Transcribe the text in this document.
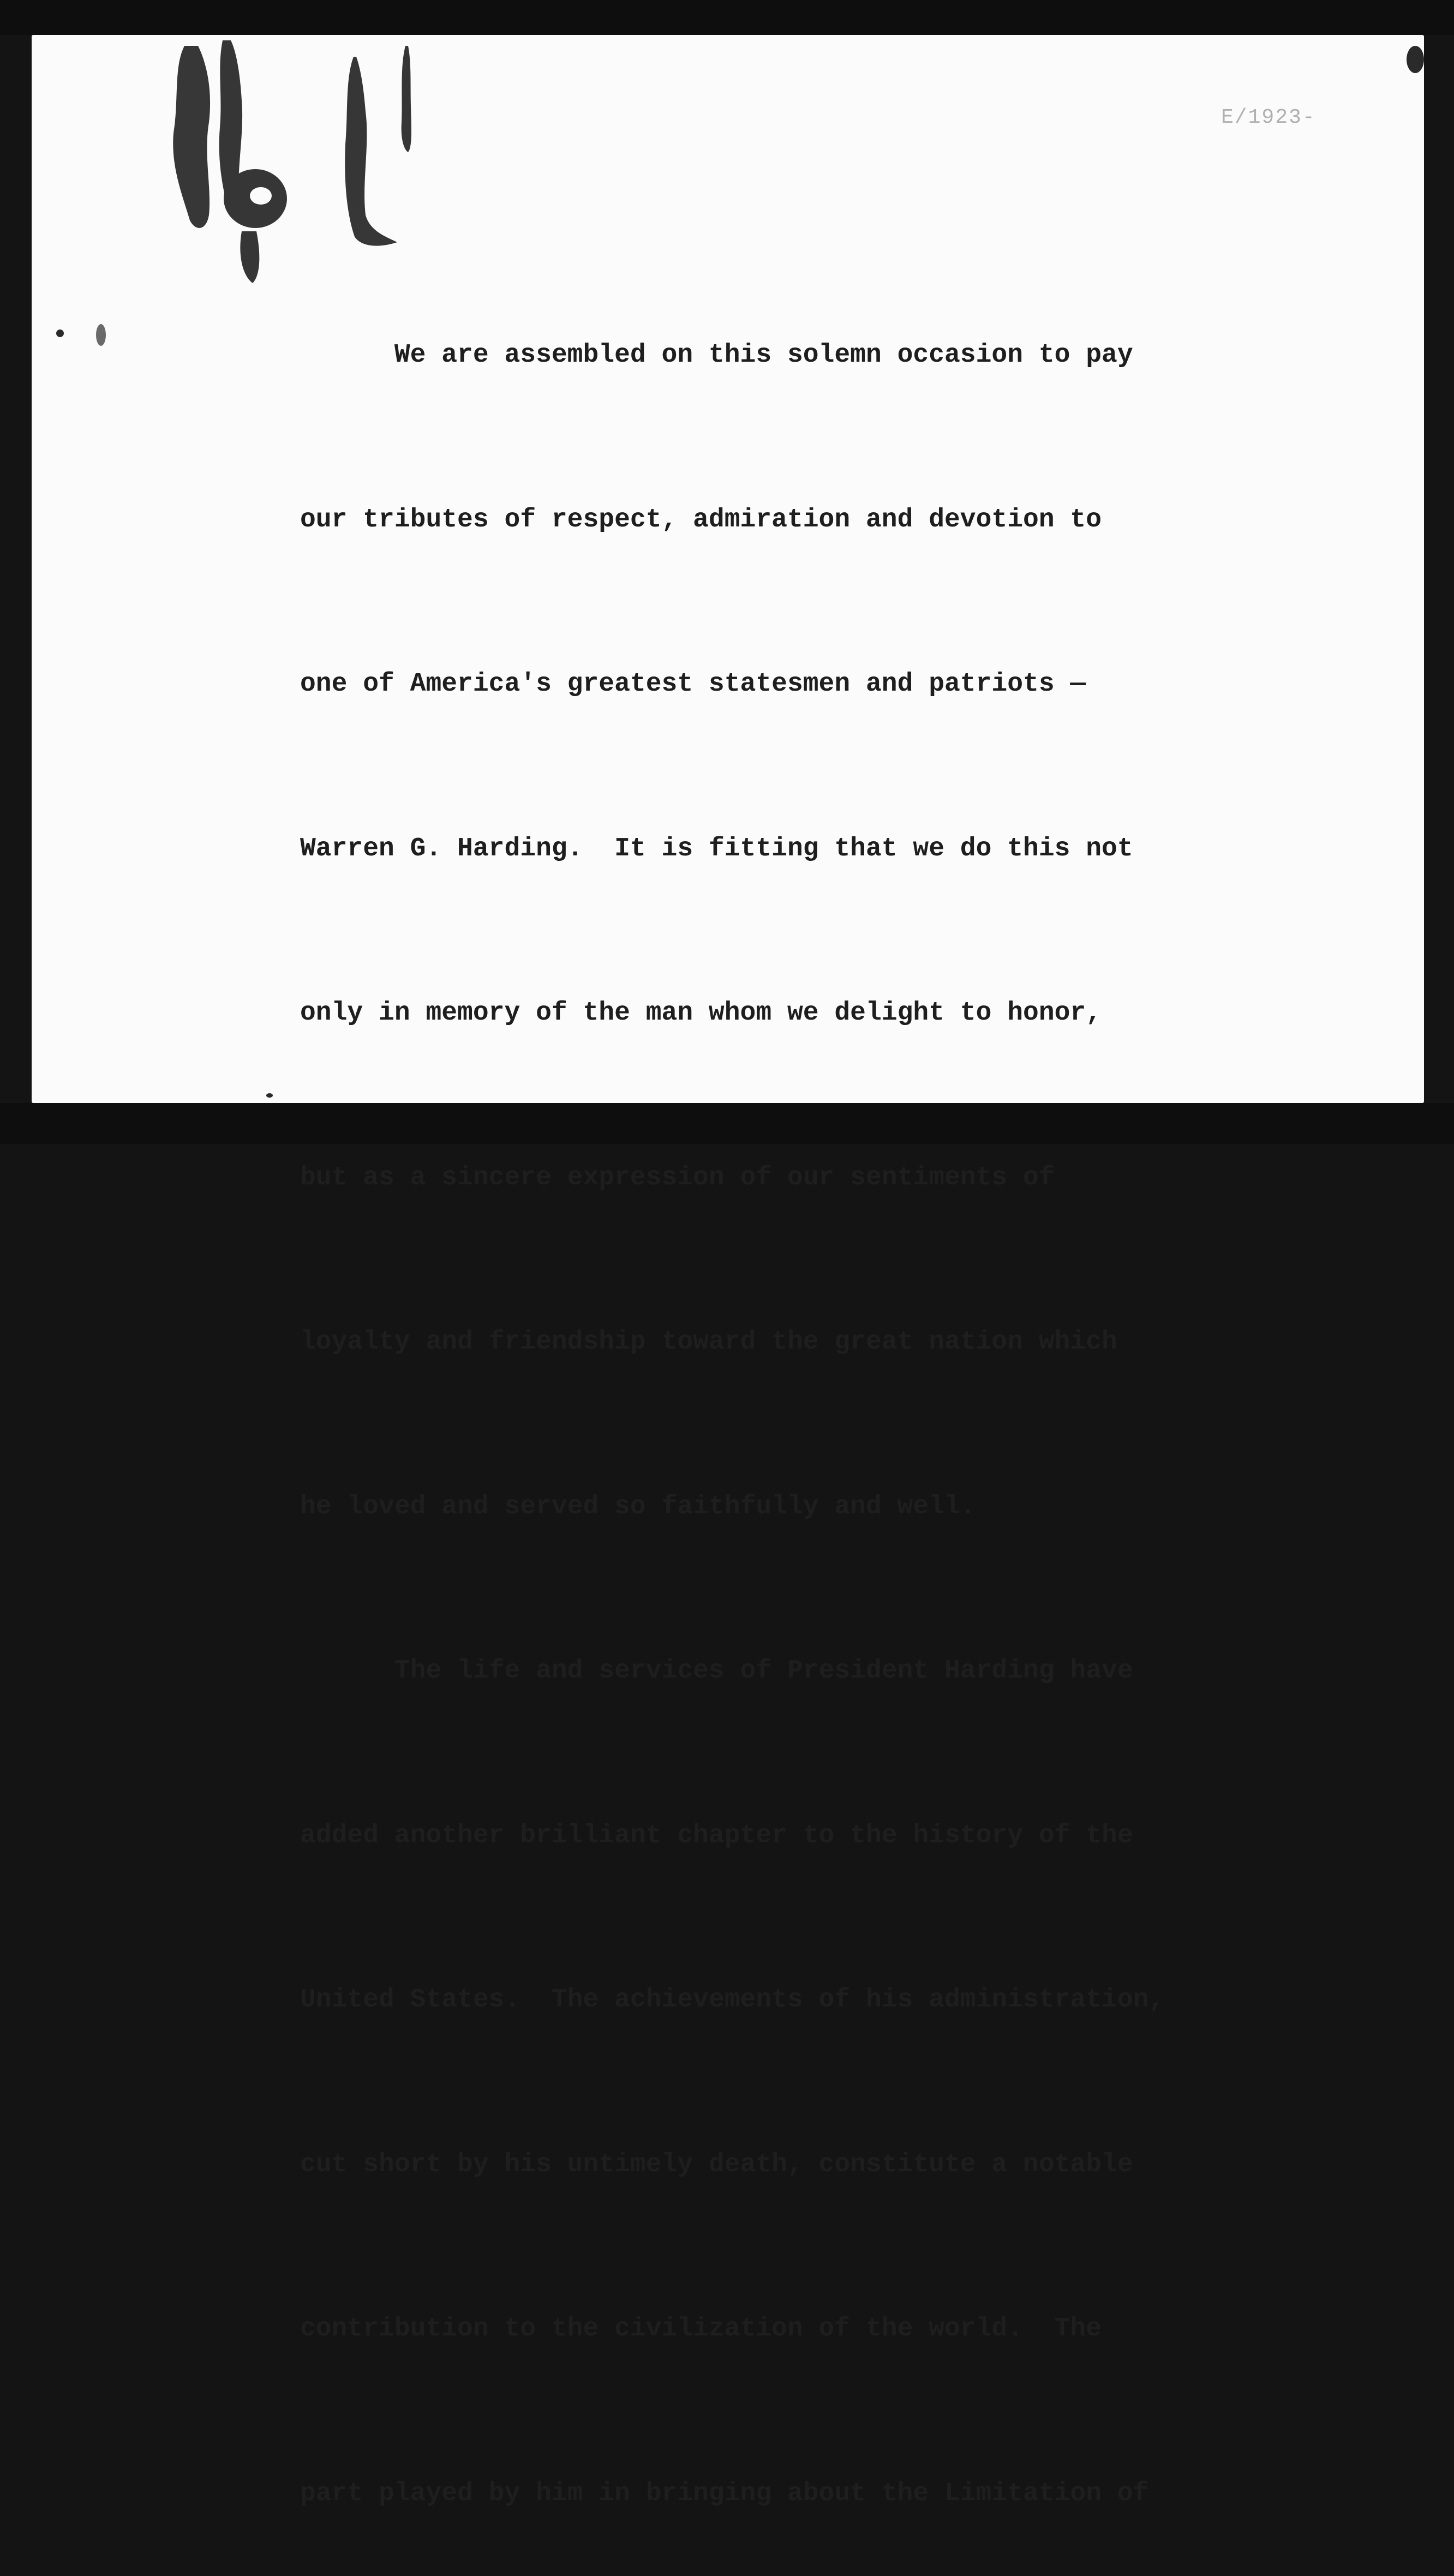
E/1923-

We are assembled on this solemn occasion to pay

our tributes of respect, admiration and devotion to

one of America's greatest statesmen and patriots —

Warren G. Harding.  It is fitting that we do this not

only in memory of the man whom we delight to honor,

but as a sincere expression of our sentiments of

loyalty and friendship toward the great nation which

he loved and served so faithfully and well.

The life and services of President Harding have

added another brilliant chapter to the history of the

United States.  The achievements of his administration,

cut short by his untimely death, constitute a notable

contribution to the civilization of the world.  The

part played by him in bringing about the Limitation of
